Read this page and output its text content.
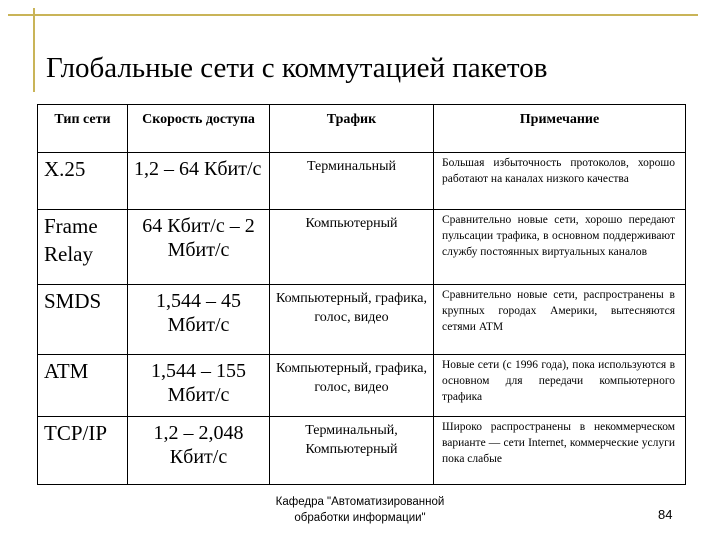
Глобальные сети с коммутацией пакетов
Тип сети	Скорость доступа	Трафик	Примечание
X.25	1,2 – 64 Кбит/с	Терминальный	Большая избыточность протоколов, хорошо работают на каналах низкого качества
Frame Relay	64 Кбит/с – 2 Мбит/с	Компьютерный	Сравнительно новые сети, хорошо передают пульсации трафика, в основном поддерживают службу постоянных виртуальных каналов
SMDS	1,544 – 45 Мбит/с	Компьютерный, графика, голос, видео	Сравнительно новые сети, распространены в крупных городах Америки, вытесняются сетями ATM
ATM	1,544 – 155 Мбит/с	Компьютерный, графика, голос, видео	Новые сети (с 1996 года), пока используются в основном для передачи компьютерного трафика
TCP/IP	1,2 – 2,048 Кбит/с	Терминальный, Компьютерный	Широко распространены в некоммерческом варианте — сети Internet, коммерческие услуги пока слабые
Кафедра "Автоматизированной
обработки информации"	84
